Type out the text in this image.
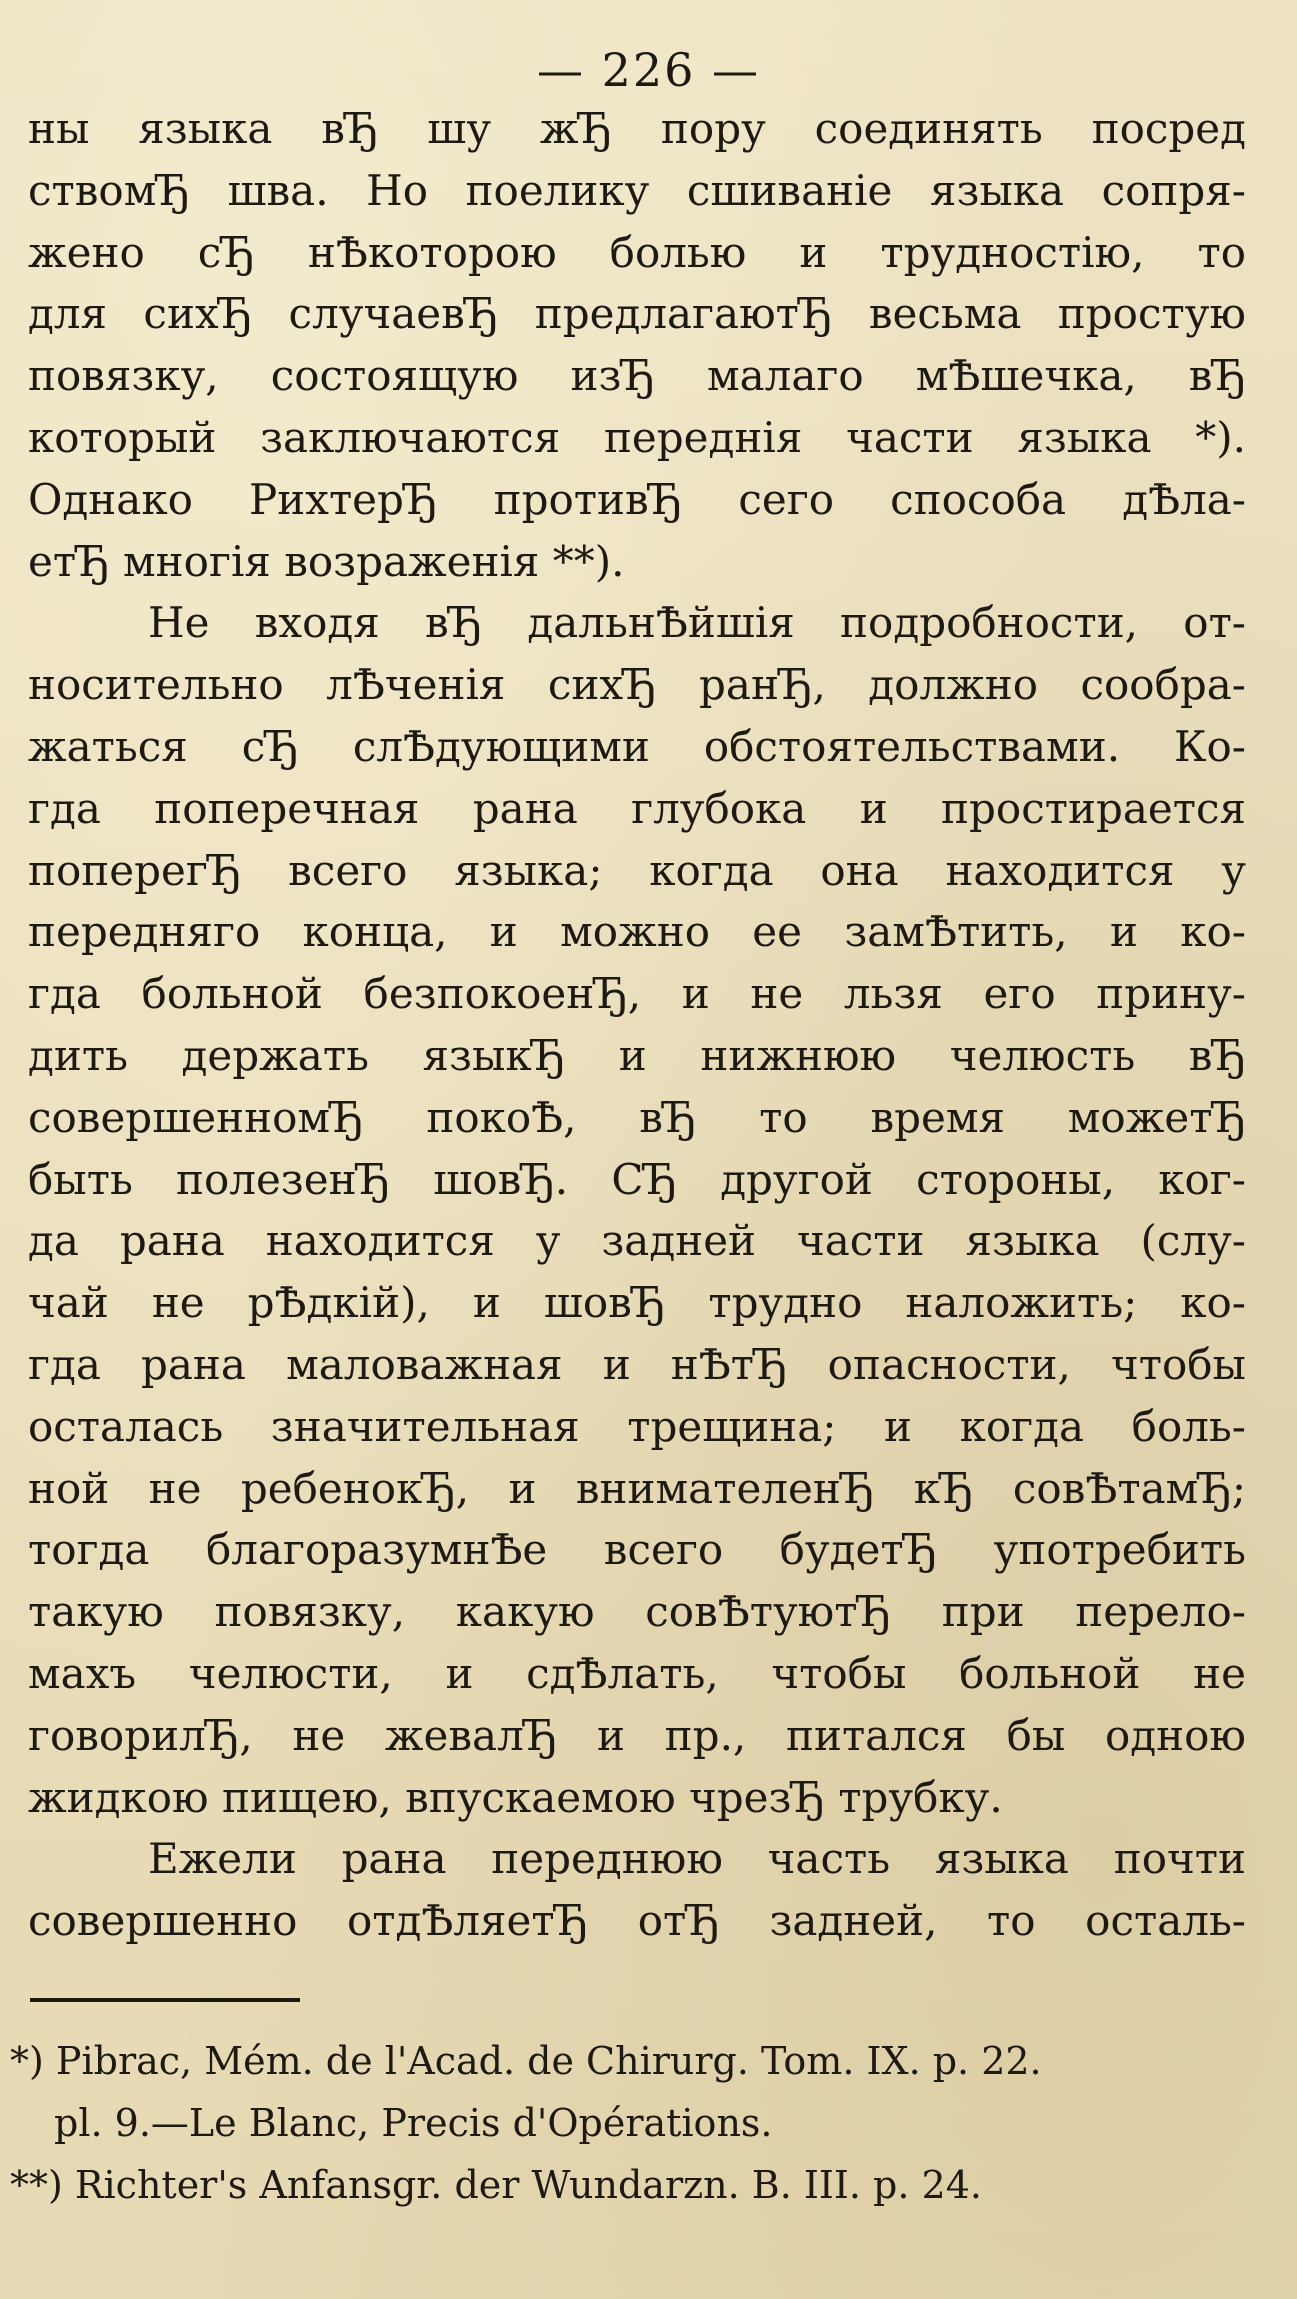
— 226 —
ны языка вЂ шу жЂ пору соединять посред
ствомЂ шва. Но поелику сшиванiе языка сопря-
жено сЂ нѢкоторою болью и трудностiю, то
для сихЂ случаевЂ предлагаютЂ весьма простую
повязку, состоящую изЂ малаго мѢшечка, вЂ
который заключаются переднiя части языка *).
Однако РихтерЂ противЂ сего способа дѢла-
етЂ многiя возраженiя **).
Не входя вЂ дальнѢйшiя подробности, от-
носительно лѢченiя сихЂ ранЂ, должно сообра-
жаться сЂ слѢдующими обстоятельствами. Ко-
гда поперечная рана глубока и простирается
поперегЂ всего языка; когда она находится у
передняго конца, и можно ее замѢтить, и ко-
гда больной безпокоенЂ, и не льзя его прину-
дить держать языкЂ и нижнюю челюсть вЂ
совершенномЂ покоѢ, вЂ то время можетЂ
быть полезенЂ шовЂ. СЂ другой стороны, ког-
да рана находится у задней части языка (слу-
чай не рѢдкiй), и шовЂ трудно наложить; ко-
гда рана маловажная и нѢтЂ опасности, чтобы
осталась значительная трещина; и когда боль-
ной не ребенокЂ, и внимателенЂ кЂ совѢтамЂ;
тогда благоразумнѢе всего будетЂ употребить
такую повязку, какую совѢтуютЂ при перело-
махъ челюсти, и сдѢлать, чтобы больной не
говорилЂ, не жевалЂ и пр., питался бы одною
жидкою пищею, впускаемою чрезЂ трубку.
Ежели рана переднюю часть языка почти
совершенно отдѢляетЂ отЂ задней, то осталь-
*) Pibrac, Mém. de l'Acad. de Chirurg. Tom. IX. p. 22.
pl. 9.—Le Blanc, Precis d'Opérations.
**) Richter's Anfansgr. der Wundarzn. B. III. p. 24.
